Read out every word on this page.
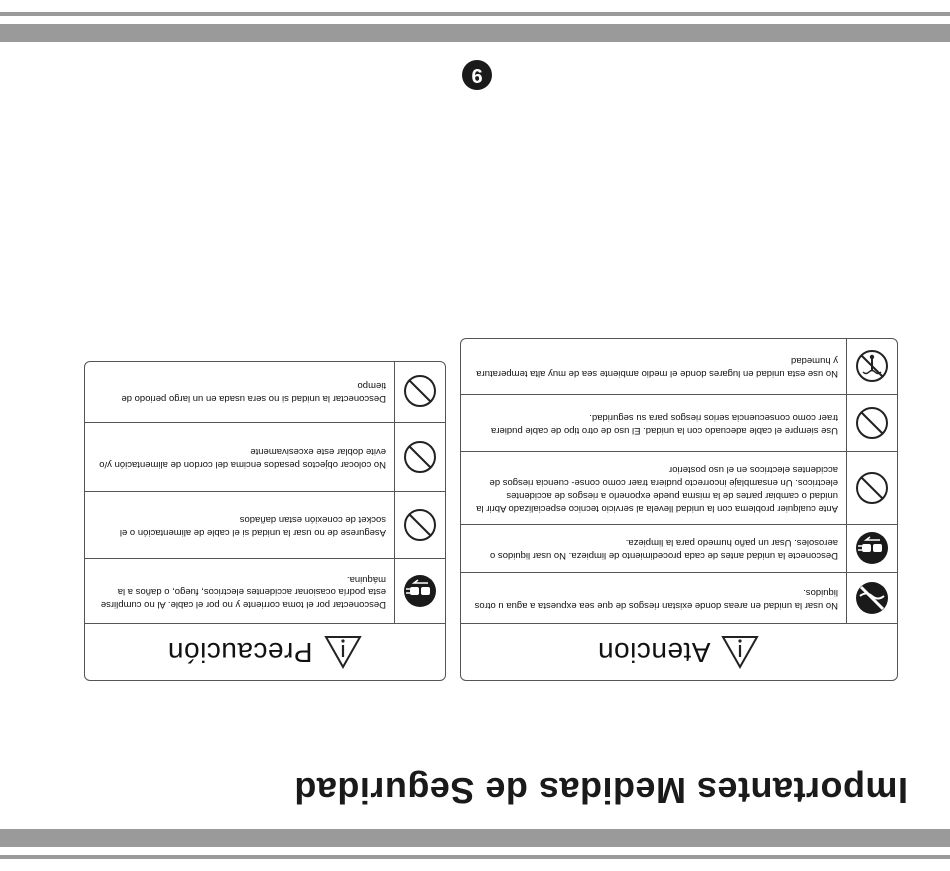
Importantes Medidas de Seguridad
Atencion
No usar la unidad en areas donde existan riesgos de que sea expuesta a agua u otros liquidos.
Desconecte la unidad antes de cada procedimiento de limpieza. No usar liquidos o aerosoles. Usar un paño humedo para la limpieza.
Ante cualquier problema con la unidad llevela al servicio tecnico especializado Abrir la unidad o cambiar partes de la misma puede exponerlo a riesgos de accidentes electricos. Un ensamblaje incorrecto pudiera traer como conse- cuencia riesgos de accidentes electricos en el uso posterior
Use siempre el cable adecuado con la unidad. El uso de otro tipo de cable pudiera traer como consecuencia serios riesgos para su seguridad.
No use esta unidad en lugares donde el medio ambiente sea de muy alta temperatura y humedad
Precaución
Desconectar por el toma corriente y no por el cable. Al no cumplirse esta podría ocasionar accidentes electricos, fuego, o daños a la máquina.
Asegurese de no usar la unidad si el cable de alimentación o el socket de conexión estan dañados
No colocar objectos pesados encima del cordon de alimentación y/o evite doblar este excesivamente
Desconectar la unidad si no sera usada en un largo periodo de tiempo
9
